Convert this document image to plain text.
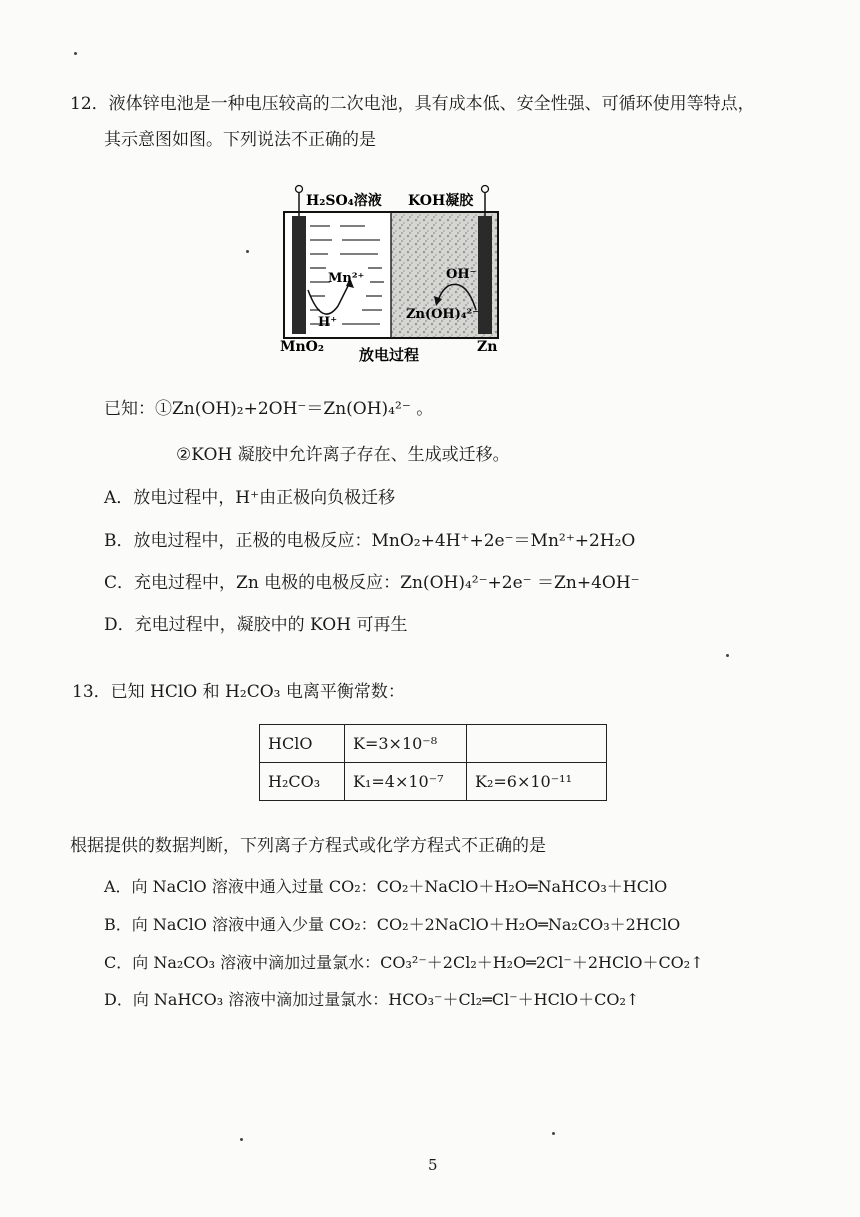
12．液体锌电池是一种电压较高的二次电池，具有成本低、安全性强、可循环使用等特点，
其示意图如图。下列说法不正确的是
H₂SO₄溶液 KOH凝胶
Mn²⁺
H⁺
OH⁻
Zn(OH)₄²⁻
MnO₂	Zn
放电过程
已知：①Zn(OH)₂+2OH⁻＝Zn(OH)₄²⁻ 。
②KOH 凝胶中允许离子存在、生成或迁移。
A．放电过程中，H⁺由正极向负极迁移
B．放电过程中，正极的电极反应：MnO₂+4H⁺+2e⁻＝Mn²⁺+2H₂O
C．充电过程中，Zn 电极的电极反应：Zn(OH)₄²⁻+2e⁻ ＝Zn+4OH⁻
D．充电过程中，凝胶中的 KOH 可再生
13．已知 HClO 和 H₂CO₃ 电离平衡常数：
HClO	K=3×10⁻⁸	
H₂CO₃	K₁=4×10⁻⁷	K₂=6×10⁻¹¹
根据提供的数据判断，下列离子方程式或化学方程式不正确的是
A．向 NaClO 溶液中通入过量 CO₂：CO₂＋NaClO＋H₂O═NaHCO₃＋HClO
B．向 NaClO 溶液中通入少量 CO₂：CO₂＋2NaClO＋H₂O═Na₂CO₃＋2HClO
C．向 Na₂CO₃ 溶液中滴加过量氯水：CO₃²⁻＋2Cl₂＋H₂O═2Cl⁻＋2HClO＋CO₂↑
D．向 NaHCO₃ 溶液中滴加过量氯水：HCO₃⁻＋Cl₂═Cl⁻＋HClO＋CO₂↑
5
